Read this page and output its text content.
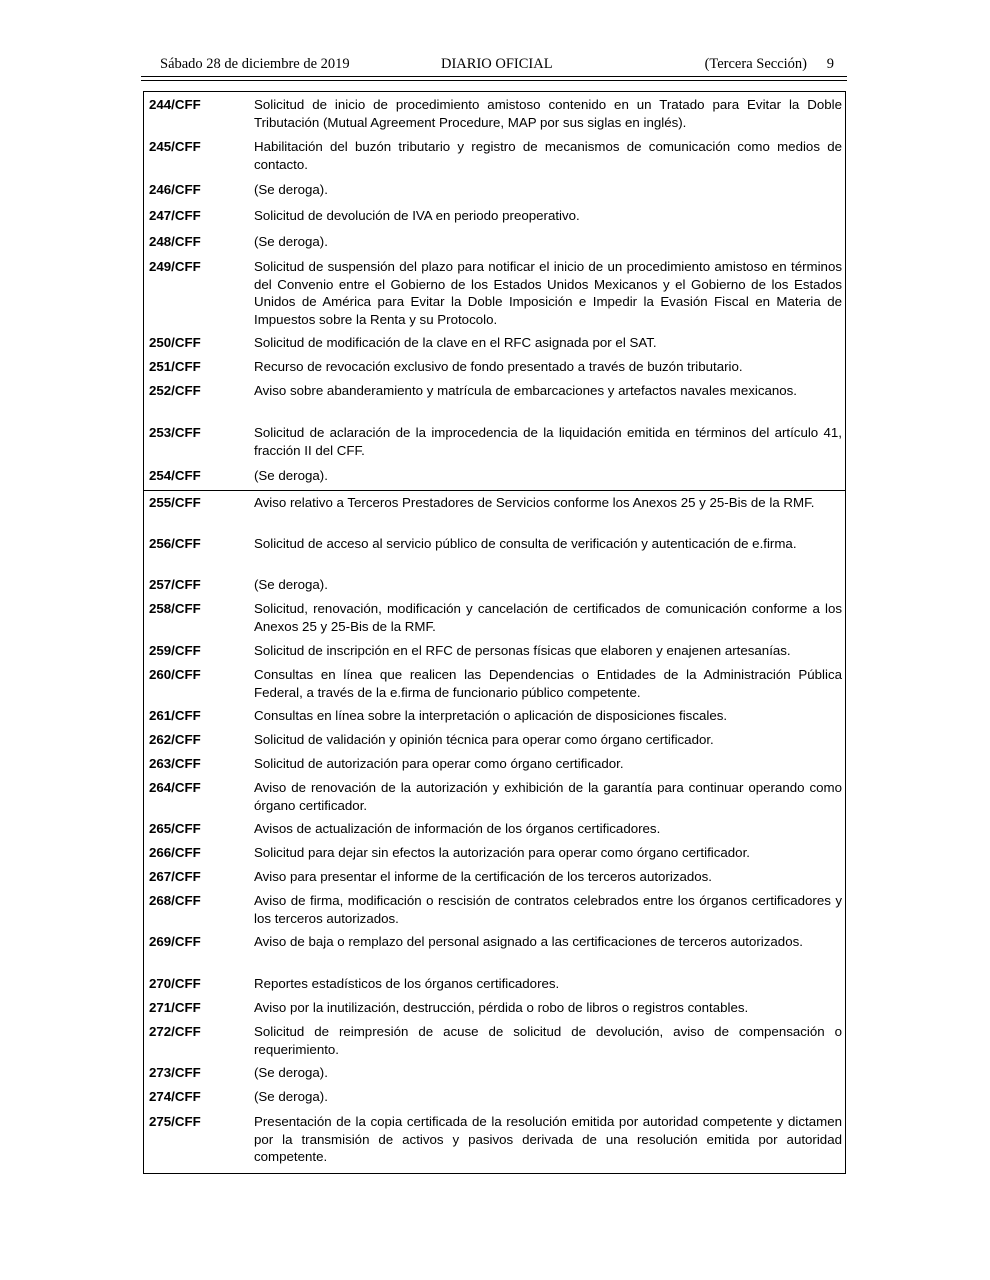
Sábado 28 de diciembre de 2019	DIARIO OFICIAL	(Tercera Sección) 9
244/CFF	Solicitud de inicio de procedimiento amistoso contenido en un Tratado para Evitar la Doble Tributación (Mutual Agreement Procedure, MAP por sus siglas en inglés).
245/CFF	Habilitación del buzón tributario y registro de mecanismos de comunicación como medios de contacto.
246/CFF	(Se deroga).
247/CFF	Solicitud de devolución de IVA en periodo preoperativo.
248/CFF	(Se deroga).
249/CFF	Solicitud de suspensión del plazo para notificar el inicio de un procedimiento amistoso en términos del Convenio entre el Gobierno de los Estados Unidos Mexicanos y el Gobierno de los Estados Unidos de América para Evitar la Doble Imposición e Impedir la Evasión Fiscal en Materia de Impuestos sobre la Renta y su Protocolo.
250/CFF	Solicitud de modificación de la clave en el RFC asignada por el SAT.
251/CFF	Recurso de revocación exclusivo de fondo presentado a través de buzón tributario.
252/CFF	Aviso sobre abanderamiento y matrícula de embarcaciones y artefactos navales mexicanos.
253/CFF	Solicitud de aclaración de la improcedencia de la liquidación emitida en términos del artículo 41, fracción II del CFF.
254/CFF	(Se deroga).
255/CFF	Aviso relativo a Terceros Prestadores de Servicios conforme los Anexos 25 y 25-Bis de la RMF.
256/CFF	Solicitud de acceso al servicio público de consulta de verificación y autenticación de e.firma.
257/CFF	(Se deroga).
258/CFF	Solicitud, renovación, modificación y cancelación de certificados de comunicación conforme a los Anexos 25 y 25-Bis de la RMF.
259/CFF	Solicitud de inscripción en el RFC de personas físicas que elaboren y enajenen artesanías.
260/CFF	Consultas en línea que realicen las Dependencias o Entidades de la Administración Pública Federal, a través de la e.firma de funcionario público competente.
261/CFF	Consultas en línea sobre la interpretación o aplicación de disposiciones fiscales.
262/CFF	Solicitud de validación y opinión técnica para operar como órgano certificador.
263/CFF	Solicitud de autorización para operar como órgano certificador.
264/CFF	Aviso de renovación de la autorización y exhibición de la garantía para continuar operando como órgano certificador.
265/CFF	Avisos de actualización de información de los órganos certificadores.
266/CFF	Solicitud para dejar sin efectos la autorización para operar como órgano certificador.
267/CFF	Aviso para presentar el informe de la certificación de los terceros autorizados.
268/CFF	Aviso de firma, modificación o rescisión de contratos celebrados entre los órganos certificadores y los terceros autorizados.
269/CFF	Aviso de baja o remplazo del personal asignado a las certificaciones de terceros autorizados.
270/CFF	Reportes estadísticos de los órganos certificadores.
271/CFF	Aviso por la inutilización, destrucción, pérdida o robo de libros o registros contables.
272/CFF	Solicitud de reimpresión de acuse de solicitud de devolución, aviso de compensación o requerimiento.
273/CFF	(Se deroga).
274/CFF	(Se deroga).
275/CFF	Presentación de la copia certificada de la resolución emitida por autoridad competente y dictamen por la transmisión de activos y pasivos derivada de una resolución emitida por autoridad competente.
